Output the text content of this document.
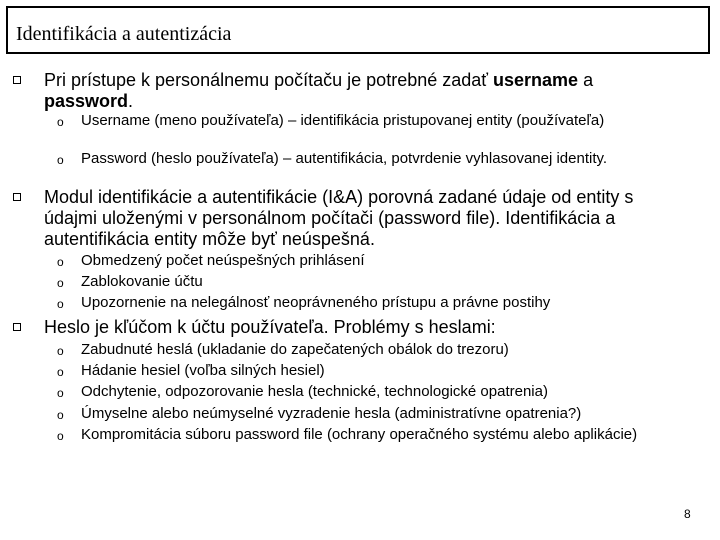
Identifikácia a autentizácia
Pri prístupe k personálnemu počítaču je potrebné zadať username a password.
o Username (meno používateľa) – identifikácia pristupovanej entity (používateľa)
o Password (heslo používateľa) – autentifikácia, potvrdenie vyhlasovanej identity.
Modul identifikácie a autentifikácie (I&A) porovná zadané údaje od entity s údajmi uloženými v personálnom počítači (password file). Identifikácia a autentifikácia entity môže byť neúspešná.
o Obmedzený počet neúspešných prihlásení
o Zablokovanie účtu
o Upozornenie na nelegálnosť neoprávneného prístupu a právne postihy
Heslo je kľúčom k účtu používateľa. Problémy s heslami:
o Zabudnuté heslá (ukladanie do zapečatených obálok do trezoru)
o Hádanie hesiel (voľba silných hesiel)
o Odchytenie, odpozorovanie hesla (technické, technologické opatrenia)
o Úmyselne alebo neúmyselné vyzradenie hesla (administratívne opatrenia?)
o Kompromitácia súboru password file (ochrany operačného systému alebo aplikácie)
8
